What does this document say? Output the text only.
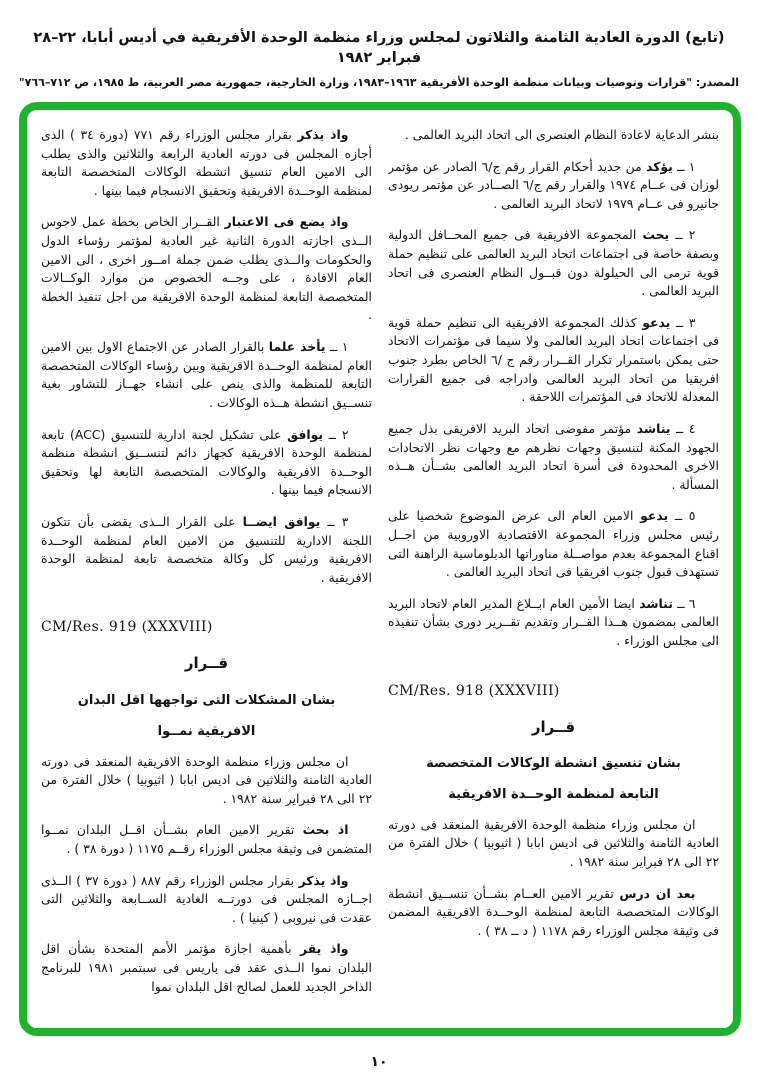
(تابع) الدورة العادية الثامنة والثلاثون لمجلس وزراء منظمة الوحدة الأفريقية في أديس أبابا، ٢٢–٢٨ فبراير ١٩٨٢
المصدر: "قرارات وتوصيات وبيانات منظمة الوحدة الأفريقية ١٩٦٣–١٩٨٣، وزارة الخارجية، جمهورية مصر العربية، ط ١٩٨٥، ص ٧١٢–٧٦٦"

بنشر الدعاية لاعادة النظام العنصرى الى اتحاد البريد العالمى .

١ ــ يؤكد من جديد أحكام القرار رقم ج/٦ الصادر عن مؤتمر لوزان فى عــام ١٩٧٤ والقرار رقم ج/٦ الصــادر عن مؤتمر ريودى جانيرو فى عــام ١٩٧٩ لاتحاد البريد العالمى .

٢ ــ يحث المجموعة الافريقية فى جميع المحــافل الدولية وبصفة خاصة فى اجتماعات اتحاد البريد العالمى على تنظيم حملة قوية ترمى الى الحيلولة دون قبــول النظام العنصرى فى اتحاد البريد العالمى .

٣ ــ يدعو كذلك المجموعة الافريقية الى تنظيم حملة قوية فى اجتماعات اتحاد البريد العالمى ولا سيما فى مؤتمرات الاتحاد حتى يمكن باستمرار تكرار القــرار رقم ج /٦ الخاص بطرد جنوب افريقيا من اتحاد البريد العالمى وادراجه فى جميع القرارات المعدلة للاتحاد فى المؤتمرات اللاحقة .

٤ ــ يناشد مؤتمر مفوضى اتحاد البريد الافريقى بذل جميع الجهود المكنة لتنسيق وجهات نظرهم مع وجهات نظر الاتحادات الاخرى المحدودة فى أسرة اتحاد البريد العالمى بشــأن هــذه المسألة .

٥ ــ يدعو الامين العام الى عرض الموضوع شخصيا على رئيس مجلس وزراء المجموعة الاقتصادية الاوروبية من اجــل اقناع المجموعة بعدم مواصــلة مناوراتها الدبلوماسية الراهنة التى تستهدف قبول جنوب افريقيا فى اتحاد البريد العالمى .

٦ ــ تناشد ايضا الأمين العام ابــلاغ المدير العام لاتحاد البريد العالمى بمضمون هــذا القــرار وتقديم تقــرير دورى بشأن تنفيذه الى مجلس الوزراء .

CM/Res. 918 (XXXVIII)

قــرار

بشان تنسيق انشطة الوكالات المتخصصة

التابعة لمنظمة الوحــدة الافريقية

ان مجلس وزراء منظمة الوحدة الافريقية المنعقد فى دورته العادية الثامنة والثلاثين فى اديس ابابا ( اثيوبيا ) خلال الفترة من ٢٢ الى ٢٨ فبراير سنة ١٩٨٢ .

بعد ان درس تقرير الامين العــام بشــأن تنســيق انشطة الوكالات المتخصصة التابعة لمنظمة الوحــدة الافريقية المضمن فى وثيقة مجلس الوزراء رقم ١١٧٨ ( د ــ ٣٨ ) .

واذ يذكر بقرار مجلس الوزراء رقم ٧٧١ (دورة ٣٤ ) الذى أجازه المجلس فى دورته العادية الرابعة والثلاثين والذى يطلب الى الامين العام تنسيق انشطة الوكالات المتخصصة التابعة لمنظمة الوحــدة الافريقية وتحقيق الانسجام فيما بينها .

واذ يضع فى الاعتبار القــرار الخاص بخطة عمل لاجوس الــذى اجازته الدورة الثانية غير العادية لمؤتمر رؤساء الدول والحكومات والــذى يطلب ضمن جملة امــور اخرى ، الى الامين العام الافادة ، على وجــه الخصوص من موارد الوكــالات المتخصصة التابعة لمنظمة الوحدة الافريقية من اجل تنفيذ الخطة .

١ ــ يأخذ علما بالقرار الصادر عن الاجتماع الاول بين الامين العام لمنظمة الوحــدة الافريقية وبين رؤساء الوكالات المتخصصة التابعة للمنظمة والذى ينص على انشاء جهــاز للتشاور بغية تنســيق انشطة هــذه الوكالات .

٢ ــ يوافق على تشكيل لجنة ادارية للتنسيق (ACC) تابعة لمنظمة الوحدة الافريقية كجهاز دائم لتنســيق انشطة منظمة الوحــدة الافريقية والوكالات المتخصصة التابعة لها وتحقيق الانسجام فيما بينها .

٣ ــ يوافق ايضــا على القرار الــذى يقضى بأن تتكون اللجنة الادارية للتنسيق من الامين العام لمنظمة الوحــدة الافريقية ورئيس كل وكالة متخصصة تابعة لمنظمة الوحدة الافريقية .

CM/Res. 919 (XXXVIII)

قــرار

بشان المشكلات التى تواجهها اقل البدان

الافريقية نمــوا

ان مجلس وزراء منظمة الوحدة الافريقية المنعقد فى دورته العادية الثامنة والثلاثين فى اديس ابابا ( اثيوبيا ) خلال الفترة من ٢٢ الى ٢٨ فبراير سنة ١٩٨٢ .

اذ بحث تقرير الامين العام بشــأن اقــل البلدان نمــوا المتضمن فى وثيقة مجلس الوزراء رقــم ١١٧٥ ( دورة ٣٨ ) .

واذ يذكر بقرار مجلس الوزراء رقم ٨٨٧ ( دورة ٣٧ ) الــذى اجــازه المجلس فى دورتــه الغادية الســابعة والثلاثين التى عقدت فى نيروبى ( كينيا ) .

واذ يقر بأهمية اجازة مؤتمر الأمم المتحدة بشأن اقل البلدان نموا الــذى عقد فى باريس فى سبتمبر ١٩٨١ للبرنامج الذاخر الجديد للعمل لصالح اقل البلدان نموا

١٠
